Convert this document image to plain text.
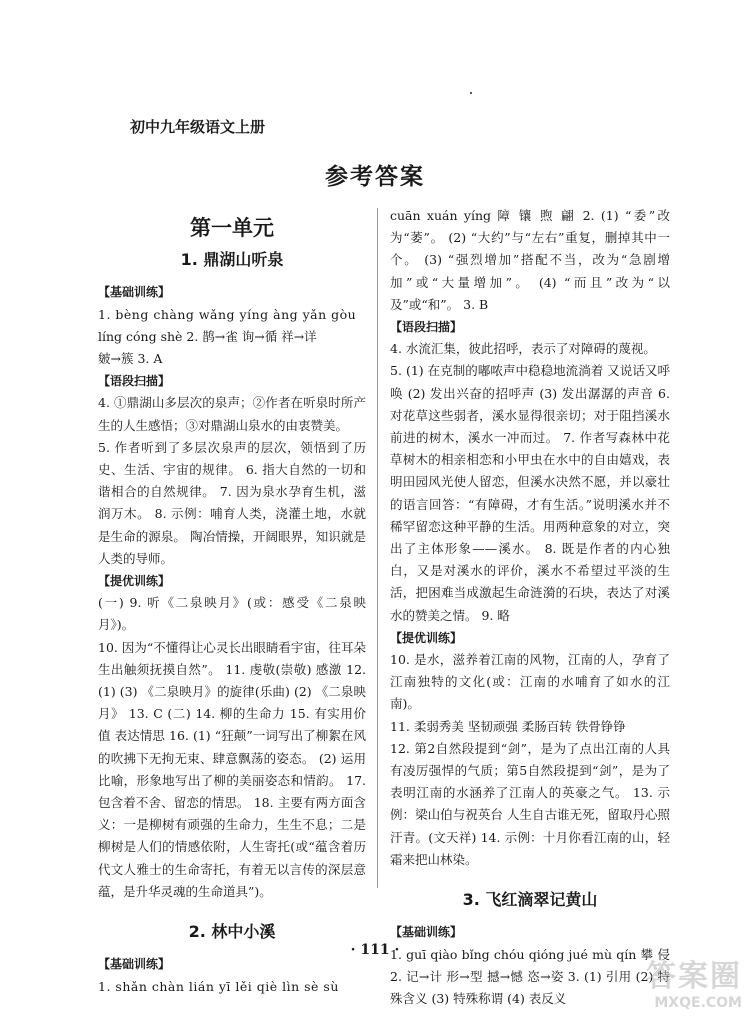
初中九年级语文上册
参考答案
第一单元
1. 鼎湖山听泉
【基础训练】

1. bèng chàng wǎng yíng àng yǎn gòu

líng cóng shè 2. 鹊→雀 询→循 祥→详

皴→簇 3. A

【语段扫描】

4. ①鼎湖山多层次的泉声；②作者在听泉时所产生的人生感悟；③对鼎湖山泉水的由衷赞美。

5. 作者听到了多层次泉声的层次，领悟到了历史、生活、宇宙的规律。 6. 指大自然的一切和谐相合的自然规律。 7. 因为泉水孕育生机，滋润万木。 8. 示例：哺育人类，浇灌土地，水就是生命的源泉。 陶冶情操，开阔眼界，知识就是人类的导师。

【提优训练】

(一) 9. 听《二泉映月》(或：感受《二泉映月》)。

10. 因为“不懂得让心灵长出眼睛看宇宙，往耳朵生出触须抚摸自然”。 11. 虔敬(崇敬) 感激 12. (1) (3) 《二泉映月》的旋律(乐曲) (2) 《二泉映月》 13. C (二) 14. 柳的生命力 15. 有实用价值 表达情思 16. (1) “狂颠”一词写出了柳絮在风的吹拂下无拘无束、肆意飘荡的姿态。 (2) 运用比喻，形象地写出了柳的美丽姿态和情韵。 17. 包含着不舍、留恋的情思。 18. 主要有两方面含义：一是柳树有顽强的生命力，生生不息；二是柳树是人们的情感依附，人生寄托(或“蕴含着历代文人雅士的生命寄托，有着无以言传的深层意蕴，是升华灵魂的生命道具”)。

2. 林中小溪
【基础训练】

1. shǎn chàn lián yī lěi qiè lìn sè sù

cuān xuán yíng 障 镶 煦 翩 2. (1) “委”改为“萎”。 (2) “大约”与“左右”重复，删掉其中一个。 (3) “强烈增加”搭配不当，改为“急剧增加”或“大量增加”。 (4) “而且”改为“以及”或“和”。 3. B

【语段扫描】

4. 水流汇集，彼此招呼，表示了对障碍的蔑视。

5. (1) 在克制的嘟哝声中稳稳地流淌着 又说话又呼唤 (2) 发出兴奋的招呼声 (3) 发出潺潺的声音 6. 对花草这些弱者，溪水显得很亲切；对于阻挡溪水前进的树木，溪水一冲而过。 7. 作者写森林中花草树木的相亲相恋和小甲虫在水中的自由嬉戏，表明田园风光使人留恋，但溪水决然不愿，并以豪壮的语言回答：“有障碍，才有生活。”说明溪水并不稀罕留恋这种平静的生活。用两种意象的对立，突出了主体形象——溪水。 8. 既是作者的内心独白，又是对溪水的评价，溪水不希望过平淡的生活，把困难当成激起生命涟漪的石块，表达了对溪水的赞美之情。 9. 略

【提优训练】

10. 是水，滋养着江南的风物，江南的人，孕育了江南独特的文化(或：江南的水哺育了如水的江南)。

11. 柔弱秀美 坚韧顽强 柔肠百转 铁骨铮铮

12. 第2自然段提到“剑”，是为了点出江南的人具有凌厉强悍的气质；第5自然段提到“剑”，是为了表明江南的水涵养了江南人的英豪之气。 13. 示例：梁山伯与祝英台 人生自古谁无死，留取丹心照汗青。(文天祥) 14. 示例：十月你看江南的山，轻霜来把山林染。

3. 飞红滴翠记黄山
【基础训练】

1. guī qiào bǐng chóu qióng jué mù qín 攀 侵 2. 记→计 形→型 撼→憾 恣→姿 3. (1) 引用 (2) 特殊含义 (3) 特殊称谓 (4) 表反义

· 111 ·
答案圈
MXQE.COM
